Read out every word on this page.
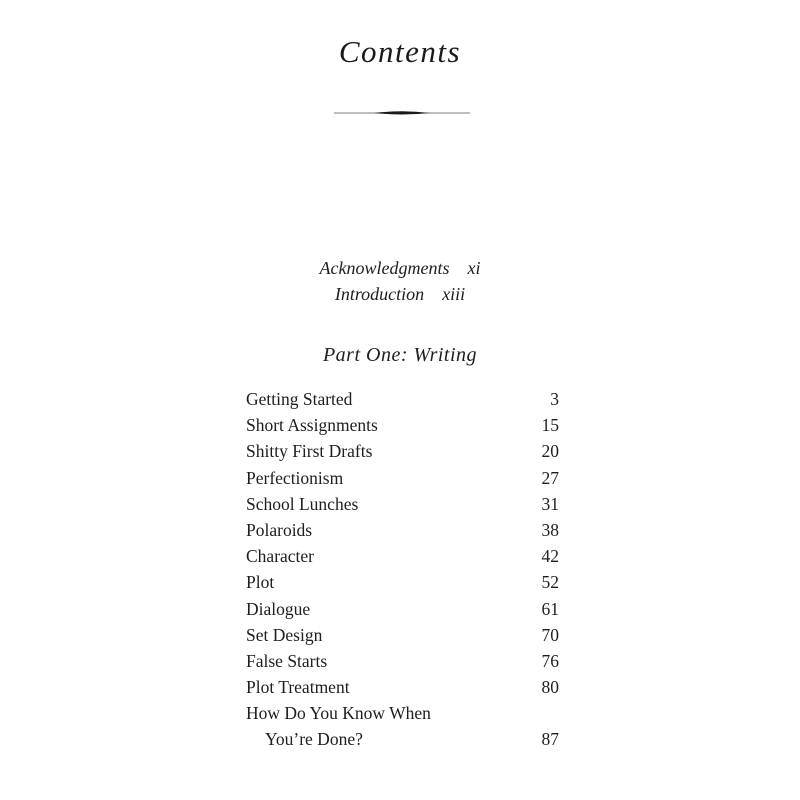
Contents
Acknowledgments xi
Introduction xiii
Part One: Writing
Getting Started	3
Short Assignments	15
Shitty First Drafts	20
Perfectionism	27
School Lunches	31
Polaroids	38
Character	42
Plot	52
Dialogue	61
Set Design	70
False Starts	76
Plot Treatment	80
How Do You Know When
You’re Done?	87
